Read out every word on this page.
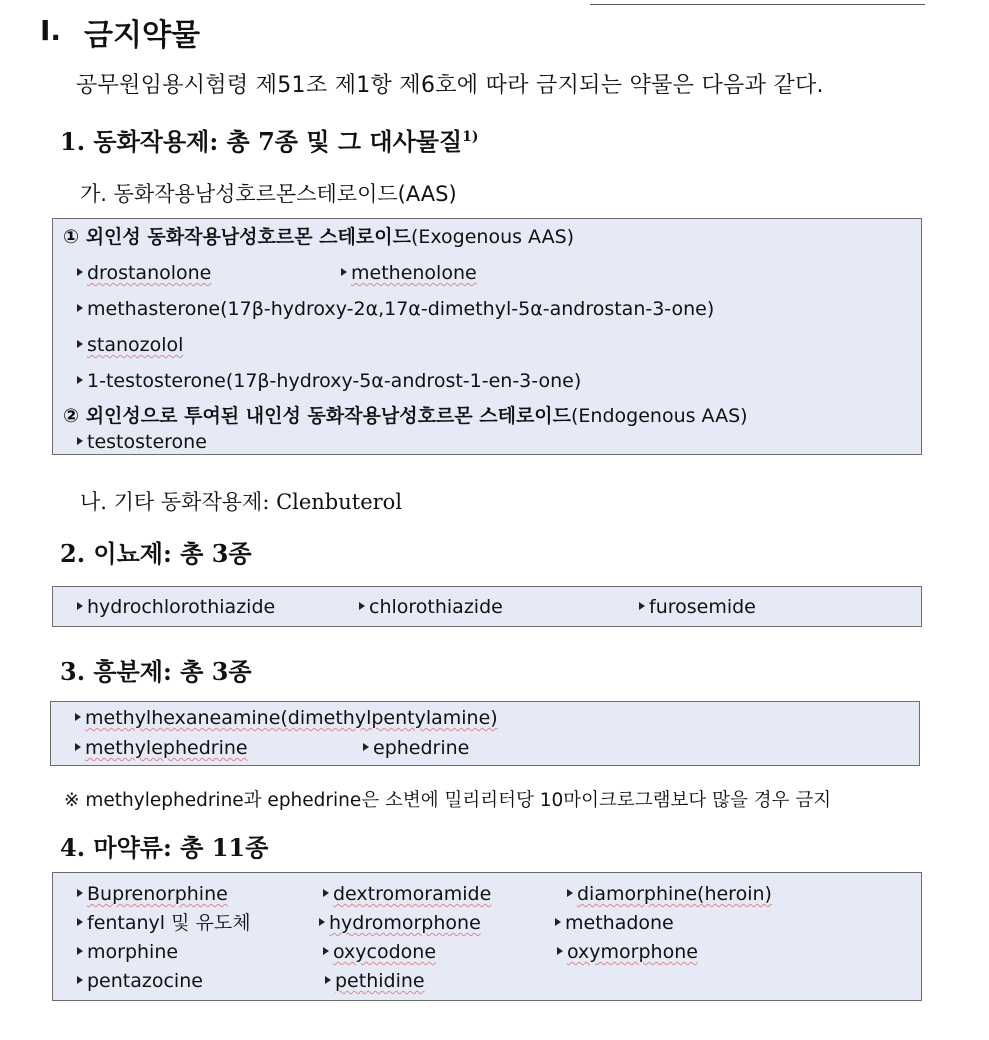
Ⅰ. 금지약물
공무원임용시험령 제51조 제1항 제6호에 따라 금지되는 약물은 다음과 같다.
1. 동화작용제: 총 7종 및 그 대사물질$^{1)}$
가. 동화작용남성호르몬스테로이드(AAS)
① 외인성 동화작용남성호르몬 스테로이드(Exogenous AAS)
drostanolone	methenolone
methasterone(17β-hydroxy-2α,17α-dimethyl-5α-androstan-3-one)
stanozolol
1-testosterone(17β-hydroxy-5α-androst-1-en-3-one)
② 외인성으로 투여된 내인성 동화작용남성호르몬 스테로이드(Endogenous AAS)
testosterone
나. 기타 동화작용제: Clenbuterol
2. 이뇨제: 총 3종
hydrochlorothiazide	chlorothiazide	furosemide
3. 흥분제: 총 3종
methylhexaneamine(dimethylpentylamine)
methylephedrine	ephedrine
※ methylephedrine과 ephedrine은 소변에 밀리리터당 10마이크로그램보다 많을 경우 금지
4. 마약류: 총 11종
Buprenorphine	dextromoramide	diamorphine(heroin)
fentanyl 및 유도체	hydromorphone	methadone
morphine	oxycodone	oxymorphone
pentazocine	pethidine
